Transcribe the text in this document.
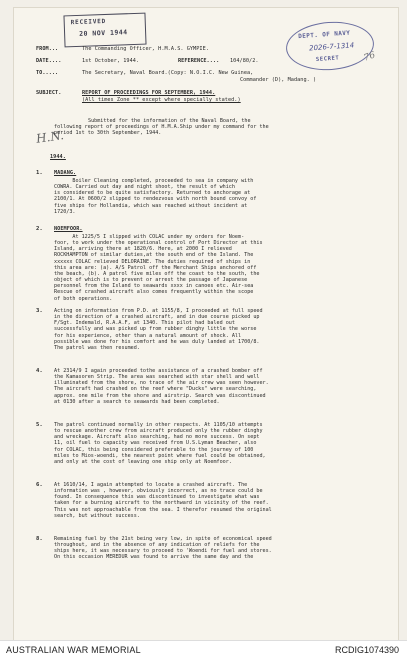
RECEIVED
20 NOV 1944	DEPT. OF NAVY
2026-7-1314
SECRET	76
H.N.
FROM...	The Commanding Officer, H.M.A.S. GYMPIE.
DATE....	1st October, 1944.	REFERENCE.... 104/80/2.
TO.....	The Secretary, Naval Board.(Copy: N.O.I.C. New Guinea,
Commander (D), Madang. )
SUBJECT.	REPORT OF PROCEEDINGS FOR SEPTEMBER, 1944.
(All times Zone ** except where specially stated.)
Submitted for the information of the Naval Board, the
following report of proceedings of H.M.A.Ship under my command for the
period 1st to 30th September, 1944.
1944.
1. MADANG.
Boiler Cleaning completed, proceeded to sea in company with
COWRA. Carried out day and night shoot, the result of which
is considered to be quite satisfactory. Returned to anchorage at
2100/1. At 0600/2 slipped to rendezvous with north bound convoy of
five ships for Hollandia, which was reached without incident at
1720/3.
2. NOEMFOOR.
At 1225/5 I slipped with COLAC under my orders for Noem-
foor, to work under the operational control of Port Director at this
Island, arriving there at 1820/6. Here, at 2000 I relieved
ROCKHAMPTON of similar duties,at the south end of the Island. The
xxxxxx COLAC relieved DELORAINE. The duties required of ships in
this area are: (a). A/S Patrol off the Merchant Ships anchored off
the beach, (b). A patrol five miles off the coast to the south, the
object of which is to prevent or arrest the passage of Japanese
personnel from the Island to seawards xxxx in canoes etc. Air-sea
Rescue of crashed aircraft also comes frequently within the scope
of both operations.
3. Acting on information from P.D. at 1155/8, I proceeded at full speed
in the direction of a crashed aircraft, and in due course picked up
F/Sgt. Indemald, R.A.A.F, at 1340. This pilot had baled out
successfully and was picked up from rubber dinghy little the worse
for his experience, other than a natural amount of shock. All
possible was done for his comfort and he was duly landed at 1700/8.
The patrol was then resumed.
4. At 2314/9 I again proceeded tothe assistance of a crashed bomber off
the Kamasoren Strip. The area was searched with star shell and well
illuminated from the shore, no trace of the air crew was seen however.
The aircraft had crashed on the reef where "Ducks" were searching,
approx. one mile from the shore and airstrip. Search was discontinued
at 0130 after a search to seawards had been completed.
5. The patrol continued normally in other respects. At 1105/10 attempts
to rescue another crew from aircraft produced only the rubber dinghy
and wreckage. Aircraft also searching, had no more success. On sept
11, oil fuel to capacity was received from U.S.Lyman Beacher, also
for COLAC, this being considered preferable to the journey of 100
miles to Mios-woendi, the nearest point where fuel could be obtained,
and only at the cost of leaving one ship only at Noemfoor.
6. At 1610/14, I again attempted to locate a crashed aircraft. The
information was , however, obviously incorrect, as no trace could be
found. In consequence this was discontinued to investigate what was
taken for a burning aircraft to the northward in vicinity of the reef.
This was not approachable from the sea. I therefor resumed the original
search, but without success.
8. Remaining fuel by the 21st being very low, in spite of economical speed
throughout, and in the absence of any indication of reliefs for the
ships here, it was necessary to proceed to 'Woendi for fuel and stores.
On this occasion MEREDUR was found to arrive the same day and the
AUSTRALIAN WAR MEMORIAL	RCDIG1074390
